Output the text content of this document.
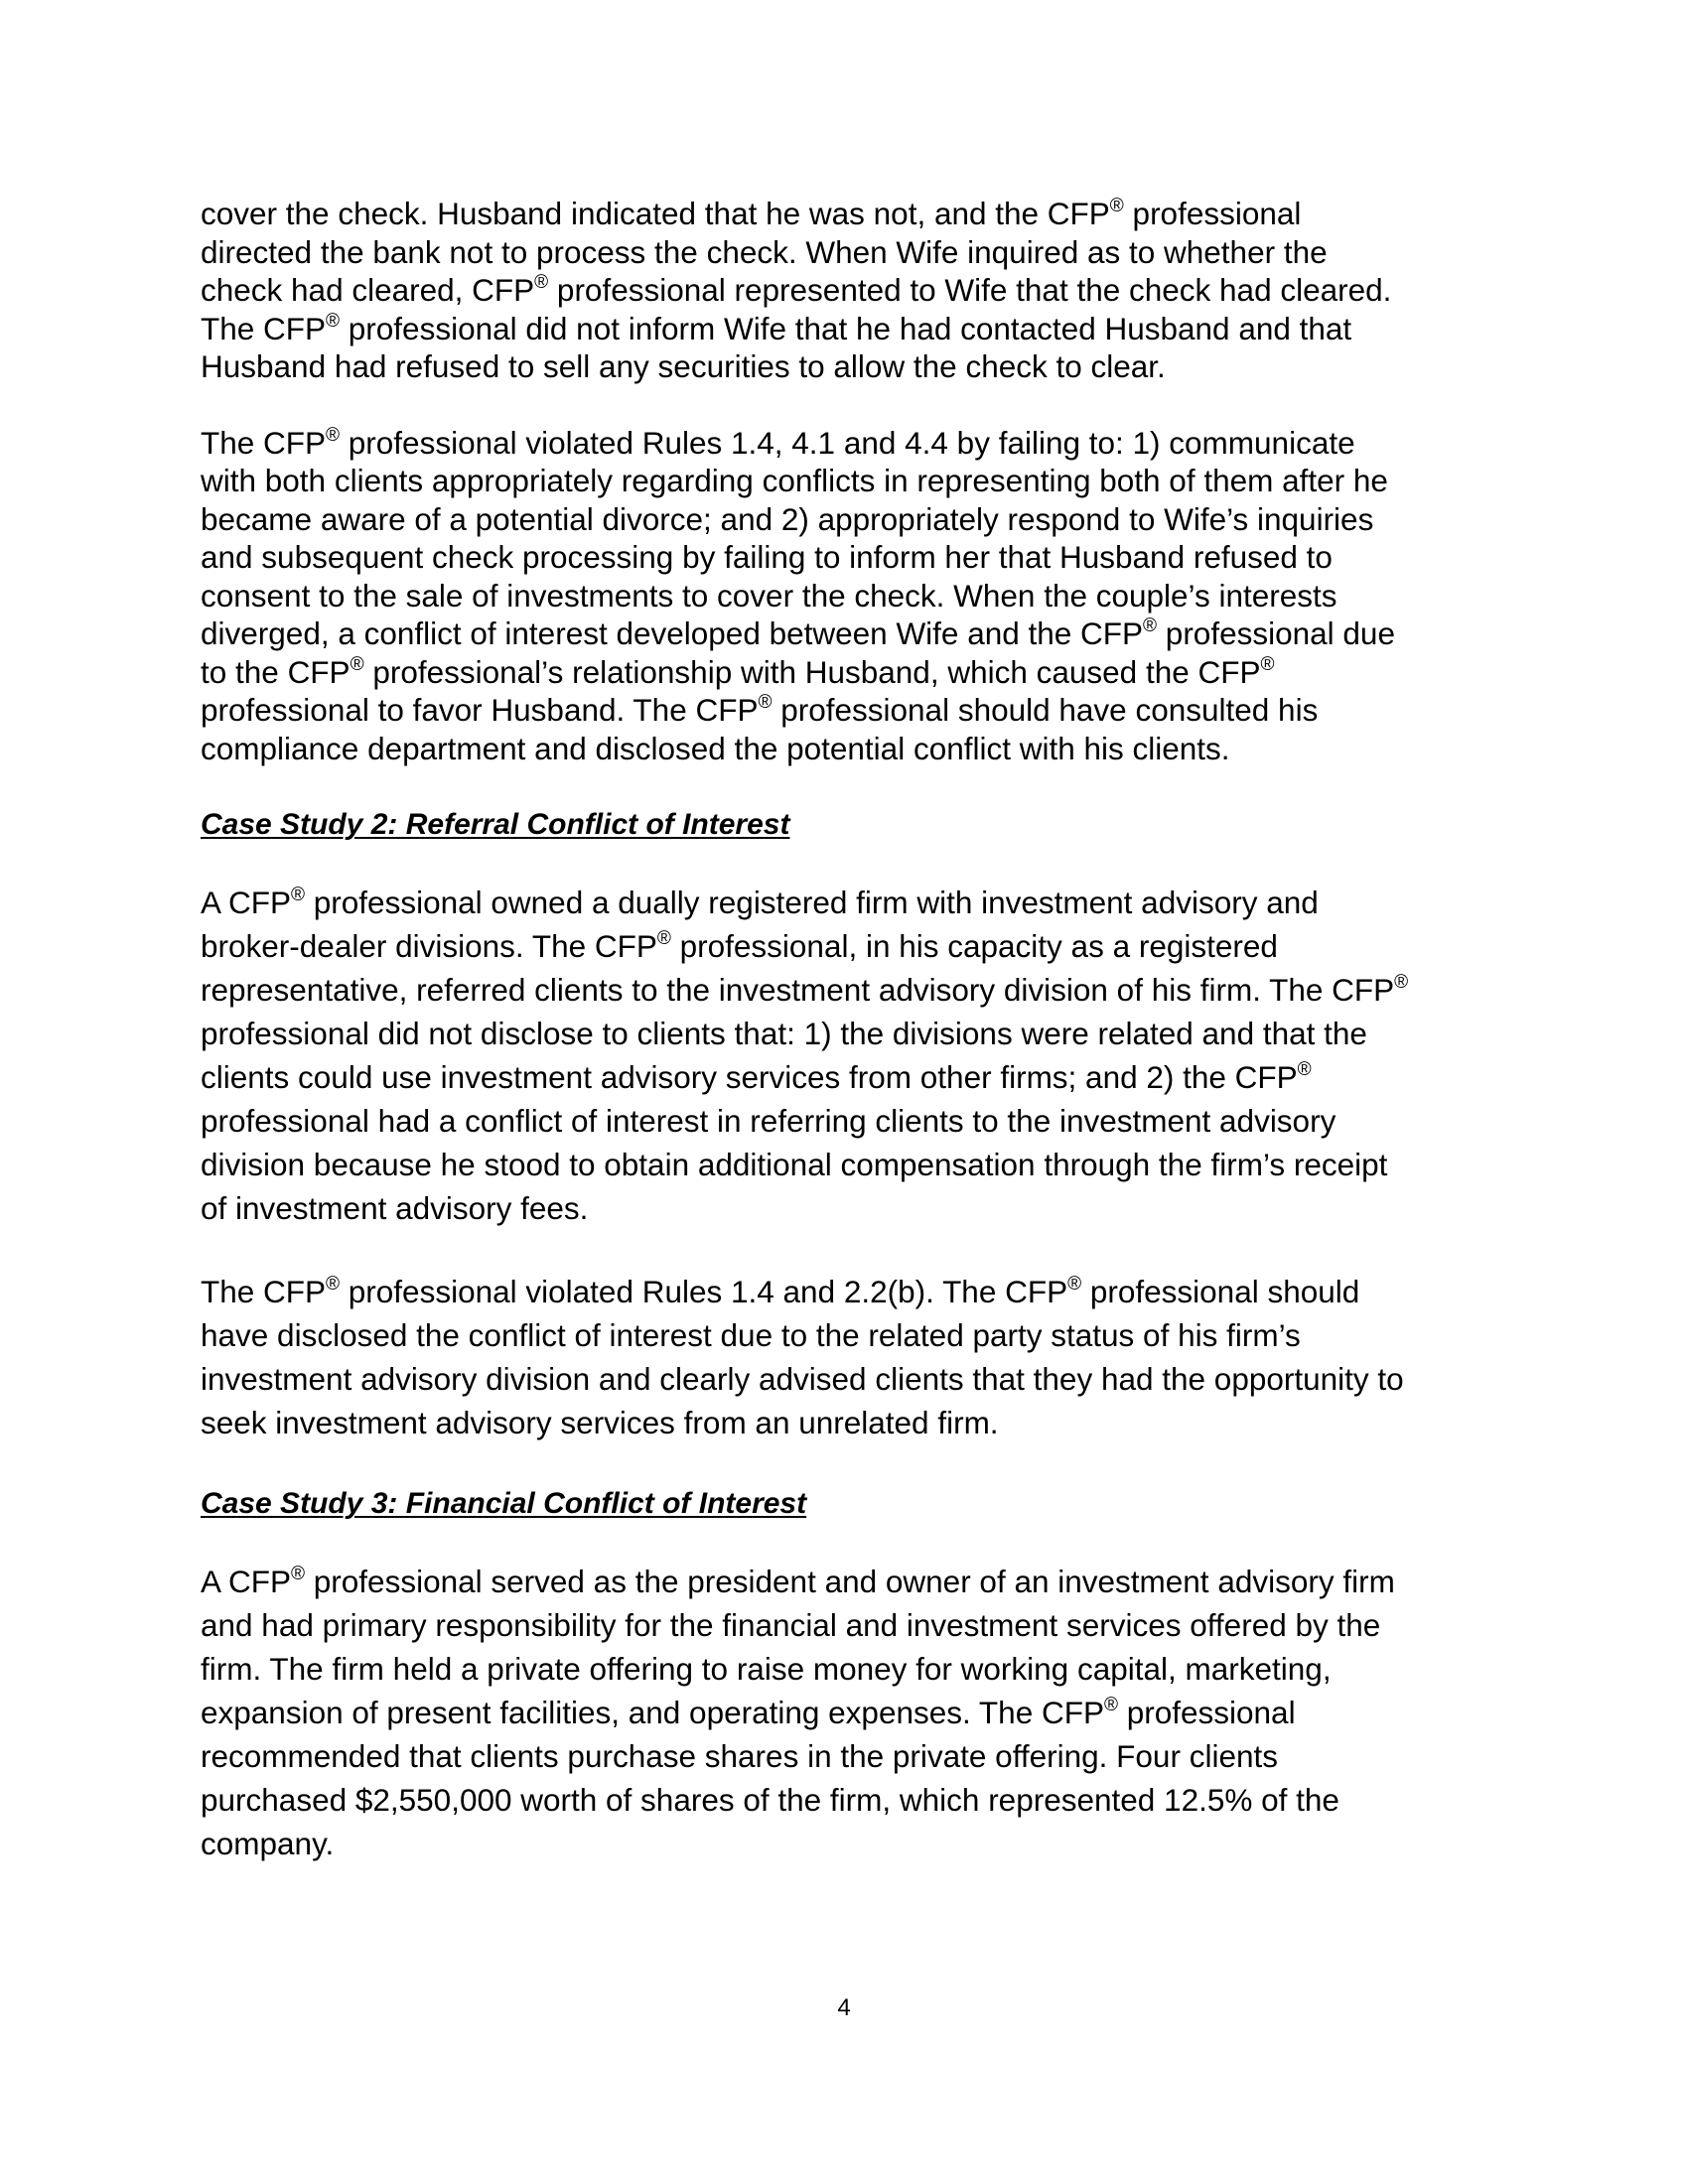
cover the check. Husband indicated that he was not, and the CFP® professional
directed the bank not to process the check. When Wife inquired as to whether the
check had cleared, CFP® professional represented to Wife that the check had cleared.
The CFP® professional did not inform Wife that he had contacted Husband and that
Husband had refused to sell any securities to allow the check to clear.

The CFP® professional violated Rules 1.4, 4.1 and 4.4 by failing to: 1) communicate
with both clients appropriately regarding conflicts in representing both of them after he
became aware of a potential divorce; and 2) appropriately respond to Wife’s inquiries
and subsequent check processing by failing to inform her that Husband refused to
consent to the sale of investments to cover the check. When the couple’s interests
diverged, a conflict of interest developed between Wife and the CFP® professional due
to the CFP® professional’s relationship with Husband, which caused the CFP®
professional to favor Husband. The CFP® professional should have consulted his
compliance department and disclosed the potential conflict with his clients.

Case Study 2: Referral Conflict of Interest

A CFP® professional owned a dually registered firm with investment advisory and
broker-dealer divisions. The CFP® professional, in his capacity as a registered
representative, referred clients to the investment advisory division of his firm. The CFP®
professional did not disclose to clients that: 1) the divisions were related and that the
clients could use investment advisory services from other firms; and 2) the CFP®
professional had a conflict of interest in referring clients to the investment advisory
division because he stood to obtain additional compensation through the firm’s receipt
of investment advisory fees.

The CFP® professional violated Rules 1.4 and 2.2(b). The CFP® professional should
have disclosed the conflict of interest due to the related party status of his firm’s
investment advisory division and clearly advised clients that they had the opportunity to
seek investment advisory services from an unrelated firm.

Case Study 3: Financial Conflict of Interest

A CFP® professional served as the president and owner of an investment advisory firm
and had primary responsibility for the financial and investment services offered by the
firm. The firm held a private offering to raise money for working capital, marketing,
expansion of present facilities, and operating expenses. The CFP® professional
recommended that clients purchase shares in the private offering. Four clients
purchased $2,550,000 worth of shares of the firm, which represented 12.5% of the
company.

4
